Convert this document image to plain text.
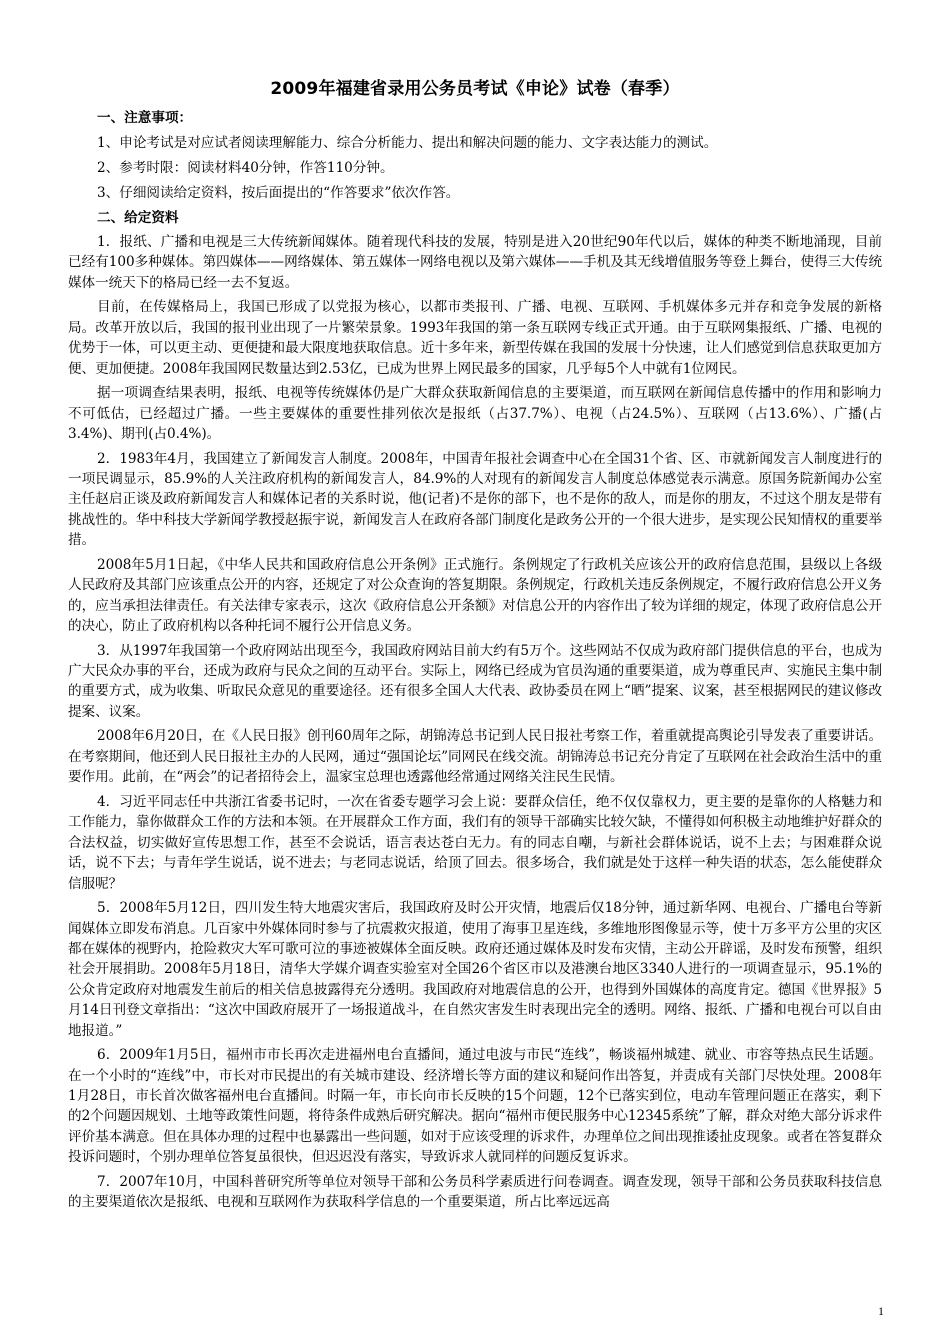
2009年福建省录用公务员考试《申论》试卷（春季）
一、注意事项：
1、申论考试是对应试者阅读理解能力、综合分析能力、提出和解决问题的能力、文字表达能力的测试。
2、参考时限：阅读材料40分钟，作答110分钟。
3、仔细阅读给定资料，按后面提出的“作答要求”依次作答。
二、给定资料

1．报纸、广播和电视是三大传统新闻媒体。随着现代科技的发展，特别是进入20世纪90年代以后，媒体的种类不断地涌现，目前已经有100多种媒体。第四媒体——网络媒体、第五媒体一网络电视以及第六媒体——手机及其无线增值服务等登上舞台，使得三大传统媒体一统天下的格局已经一去不复返。

目前，在传媒格局上，我国已形成了以党报为核心，以都市类报刊、广播、电视、互联网、手机媒体多元并存和竞争发展的新格局。改革开放以后，我国的报刊业出现了一片繁荣景象。1993年我国的第一条互联网专线正式开通。由于互联网集报纸、广播、电视的优势于一体，可以更主动、更便捷和最大限度地获取信息。近十多年来，新型传媒在我国的发展十分快速，让人们感觉到信息获取更加方便、更加便捷。2008年我国网民数量达到2.53亿，已成为世界上网民最多的国家，几乎每5个人中就有1位网民。

据一项调查结果表明，报纸、电视等传统媒体仍是广大群众获取新闻信息的主要渠道，而互联网在新闻信息传播中的作用和影响力不可低估，已经超过广播。一些主要媒体的重要性排列依次是报纸（占37.7%）、电视（占24.5%）、互联网（占13.6%）、广播(占3.4%)、期刊(占0.4%)。

2．1983年4月，我国建立了新闻发言人制度。2008年，中国青年报社会调查中心在全国31个省、区、市就新闻发言人制度进行的一项民调显示，85.9%的人关注政府机构的新闻发言人，84.9%的人对现有的新闻发言人制度总体感觉表示满意。原国务院新闻办公室主任赵启正谈及政府新闻发言人和媒体记者的关系时说，他(记者)不是你的部下，也不是你的敌人，而是你的朋友，不过这个朋友是带有挑战性的。华中科技大学新闻学教授赵振宇说，新闻发言人在政府各部门制度化是政务公开的一个很大进步，是实现公民知情权的重要举措。

2008年5月1日起，《中华人民共和国政府信息公开条例》正式施行。条例规定了行政机关应该公开的政府信息范围，县级以上各级人民政府及其部门应该重点公开的内容，还规定了对公众查询的答复期限。条例规定，行政机关违反条例规定，不履行政府信息公开义务的，应当承担法律责任。有关法律专家表示，这次《政府信息公开条额》对信息公开的内容作出了较为详细的规定，体现了政府信息公开的决心，防止了政府机构以各种托词不履行公开信息义务。

3．从1997年我国第一个政府网站出现至今，我国政府网站目前大约有5万个。这些网站不仅成为政府部门提供信息的平台，也成为广大民众办事的平台，还成为政府与民众之间的互动平台。实际上，网络已经成为官员沟通的重要渠道，成为尊重民声、实施民主集中制的重要方式，成为收集、听取民众意见的重要途径。还有很多全国人大代表、政协委员在网上“晒”提案、议案，甚至根据网民的建议修改提案、议案。

2008年6月20日，在《人民日报》创刊60周年之际，胡锦涛总书记到人民日报社考察工作，着重就提高舆论引导发表了重要讲话。在考察期间，他还到人民日报社主办的人民网，通过“强国论坛”同网民在线交流。胡锦涛总书记充分肯定了互联网在社会政治生活中的重要作用。此前，在“两会”的记者招待会上，温家宝总理也透露他经常通过网络关注民生民情。

4．习近平同志任中共浙江省委书记时，一次在省委专题学习会上说：要群众信任，绝不仅仅靠权力，更主要的是靠你的人格魅力和工作能力，靠你做群众工作的方法和本领。在开展群众工作方面，我们有的领导干部确实比较欠缺，不懂得如何积极主动地维护好群众的合法权益，切实做好宣传思想工作，甚至不会说话，语言表达苍白无力。有的同志自嘲，与新社会群体说话，说不上去；与困难群众说话，说不下去；与青年学生说话，说不进去；与老同志说话，给顶了回去。很多场合，我们就是处于这样一种失语的状态，怎么能使群众信服呢？

5．2008年5月12日，四川发生特大地震灾害后，我国政府及时公开灾情，地震后仅18分钟，通过新华网、电视台、广播电台等新闻媒体立即发布消息。几百家中外媒体同时参与了抗震救灾报道，使用了海事卫星连线，多维地形图像显示等，使十万多平方公里的灾区都在媒体的视野内，抢险救灾大军可歌可泣的事迹被媒体全面反映。政府还通过媒体及时发布灾情，主动公开辟谣，及时发布预警，组织社会开展捐助。2008年5月18日，清华大学媒介调查实验室对全国26个省区市以及港澳台地区3340人进行的一项调查显示，95.1%的公众肯定政府对地震发生前后的相关信息披露得充分透明。我国政府对地震信息的公开，也得到外国媒体的高度肯定。德国《世界报》5月14日刊登文章指出：“这次中国政府展开了一场报道战斗，在自然灾害发生时表现出完全的透明。网络、报纸、广播和电视台可以自由地报道。”

6．2009年1月5日，福州市市长再次走进福州电台直播间，通过电波与市民“连线”，畅谈福州城建、就业、市容等热点民生话题。在一个小时的“连线”中，市长对市民提出的有关城市建设、经济增长等方面的建议和疑问作出答复，并责成有关部门尽快处理。2008年1月28日，市长首次做客福州电台直播间。时隔一年，市长向市长反映的15个问题，12个已落实到位，电动车管理问题正在落实，剩下的2个问题因规划、土地等政策性问题，将待条件成熟后研究解决。据向“福州市便民服务中心12345系统”了解，群众对绝大部分诉求件评价基本满意。但在具体办理的过程中也暴露出一些问题，如对于应该受理的诉求件，办理单位之间出现推诿扯皮现象。或者在答复群众投诉问题时，个别办理单位答复虽很快，但迟迟没有落实，导致诉求人就同样的问题反复诉求。

7．2007年10月，中国科普研究所等单位对领导干部和公务员科学素质进行问卷调查。调查发现，领导干部和公务员获取科技信息的主要渠道依次是报纸、电视和互联网作为获取科学信息的一个重要渠道，所占比率远远高

1
